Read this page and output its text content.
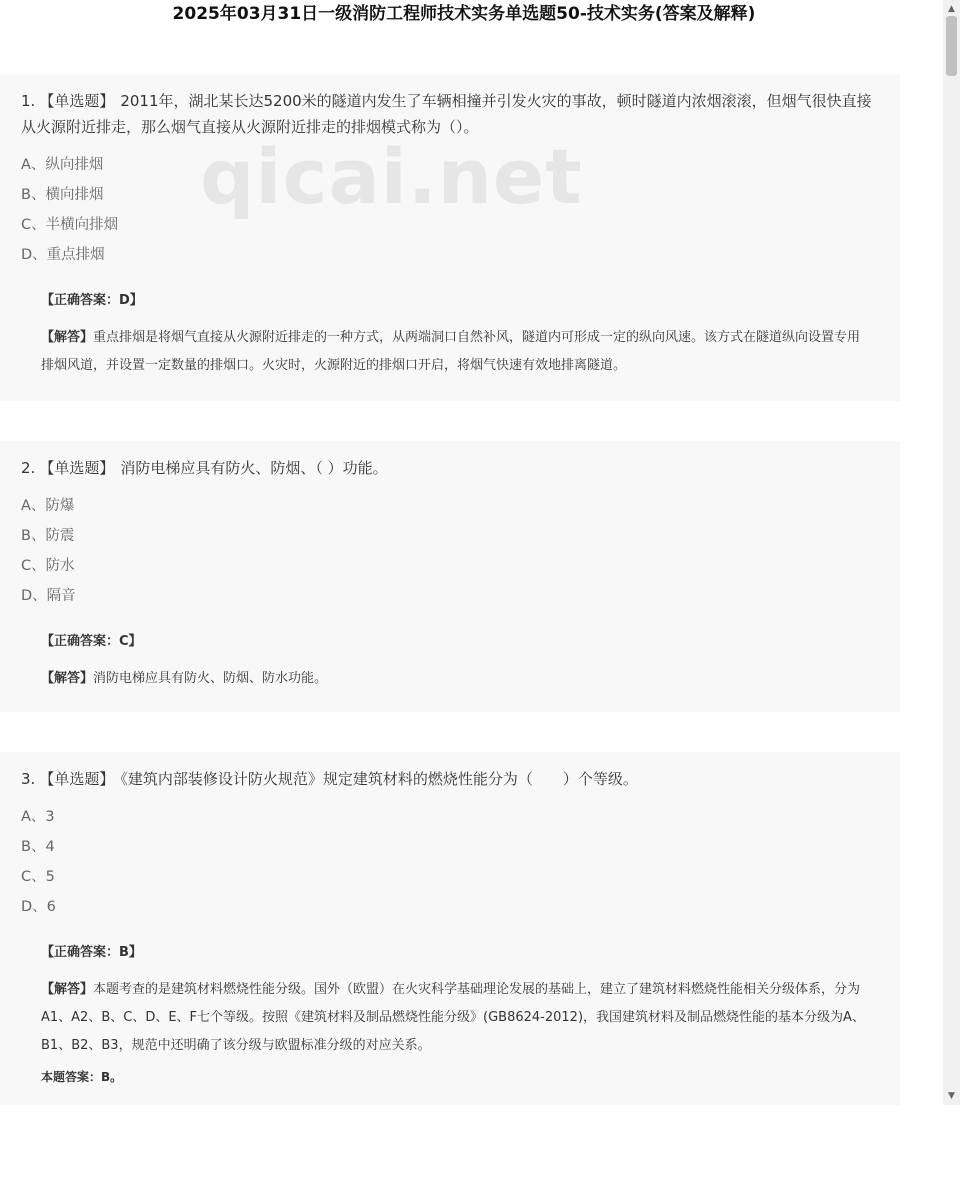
2025年03月31日一级消防工程师技术实务单选题50-技术实务(答案及解释)
1. 【单选题】 2011年，湖北某长达5200米的隧道内发生了车辆相撞并引发火灾的事故，顿时隧道内浓烟滚滚，但烟气很快直接从火源附近排走，那么烟气直接从火源附近排走的排烟模式称为（）。
A、纵向排烟
B、横向排烟
C、半横向排烟
D、重点排烟
【正确答案：D】
【解答】重点排烟是将烟气直接从火源附近排走的一种方式，从两端洞口自然补风，隧道内可形成一定的纵向风速。该方式在隧道纵向设置专用排烟风道，并设置一定数量的排烟口。火灾时，火源附近的排烟口开启，将烟气快速有效地排离隧道。
2. 【单选题】 消防电梯应具有防火、防烟、（ ）功能。
A、防爆
B、防震
C、防水
D、隔音
【正确答案：C】
【解答】消防电梯应具有防火、防烟、防水功能。
3. 【单选题】 《建筑内部装修设计防火规范》规定建筑材料的燃烧性能分为（　　）个等级。
A、3
B、4
C、5
D、6
【正确答案：B】
【解答】本题考查的是建筑材料燃烧性能分级。国外（欧盟）在火灾科学基础理论发展的基础上，建立了建筑材料燃烧性能相关分级体系，分为A1、A2、B、C、D、E、F七个等级。按照《建筑材料及制品燃烧性能分级》(GB8624-2012)，我国建筑材料及制品燃烧性能的基本分级为A、B1、B2、B3，规范中还明确了该分级与欧盟标准分级的对应关系。
本题答案：B。
qicai.net
▲
▼
